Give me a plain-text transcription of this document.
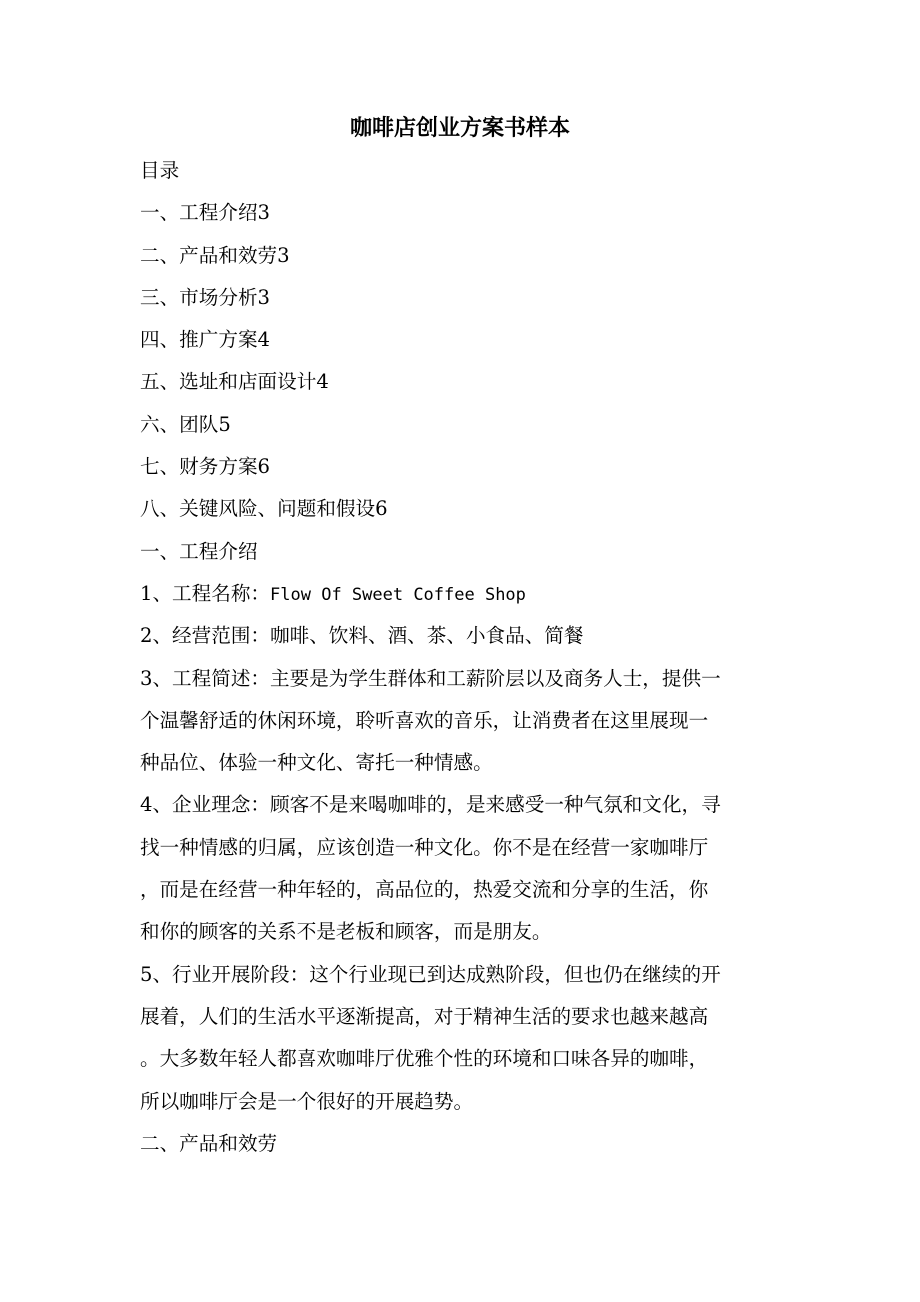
咖啡店创业方案书样本
目录
一、工程介绍3
二、产品和效劳3
三、市场分析3
四、推广方案4
五、选址和店面设计4
六、团队5
七、财务方案6
八、关键风险、问题和假设6
一、工程介绍
1、工程名称：Flow Of Sweet Coffee Shop
2、经营范围：咖啡、饮料、酒、茶、小食品、简餐
3、工程简述：主要是为学生群体和工薪阶层以及商务人士，提供一
个温馨舒适的休闲环境，聆听喜欢的音乐，让消费者在这里展现一
种品位、体验一种文化、寄托一种情感。
4、企业理念：顾客不是来喝咖啡的，是来感受一种气氛和文化，寻
找一种情感的归属，应该创造一种文化。你不是在经营一家咖啡厅
，而是在经营一种年轻的，高品位的，热爱交流和分享的生活，你
和你的顾客的关系不是老板和顾客，而是朋友。
5、行业开展阶段：这个行业现已到达成熟阶段，但也仍在继续的开
展着，人们的生活水平逐渐提高，对于精神生活的要求也越来越高
。大多数年轻人都喜欢咖啡厅优雅个性的环境和口味各异的咖啡，
所以咖啡厅会是一个很好的开展趋势。
二、产品和效劳
